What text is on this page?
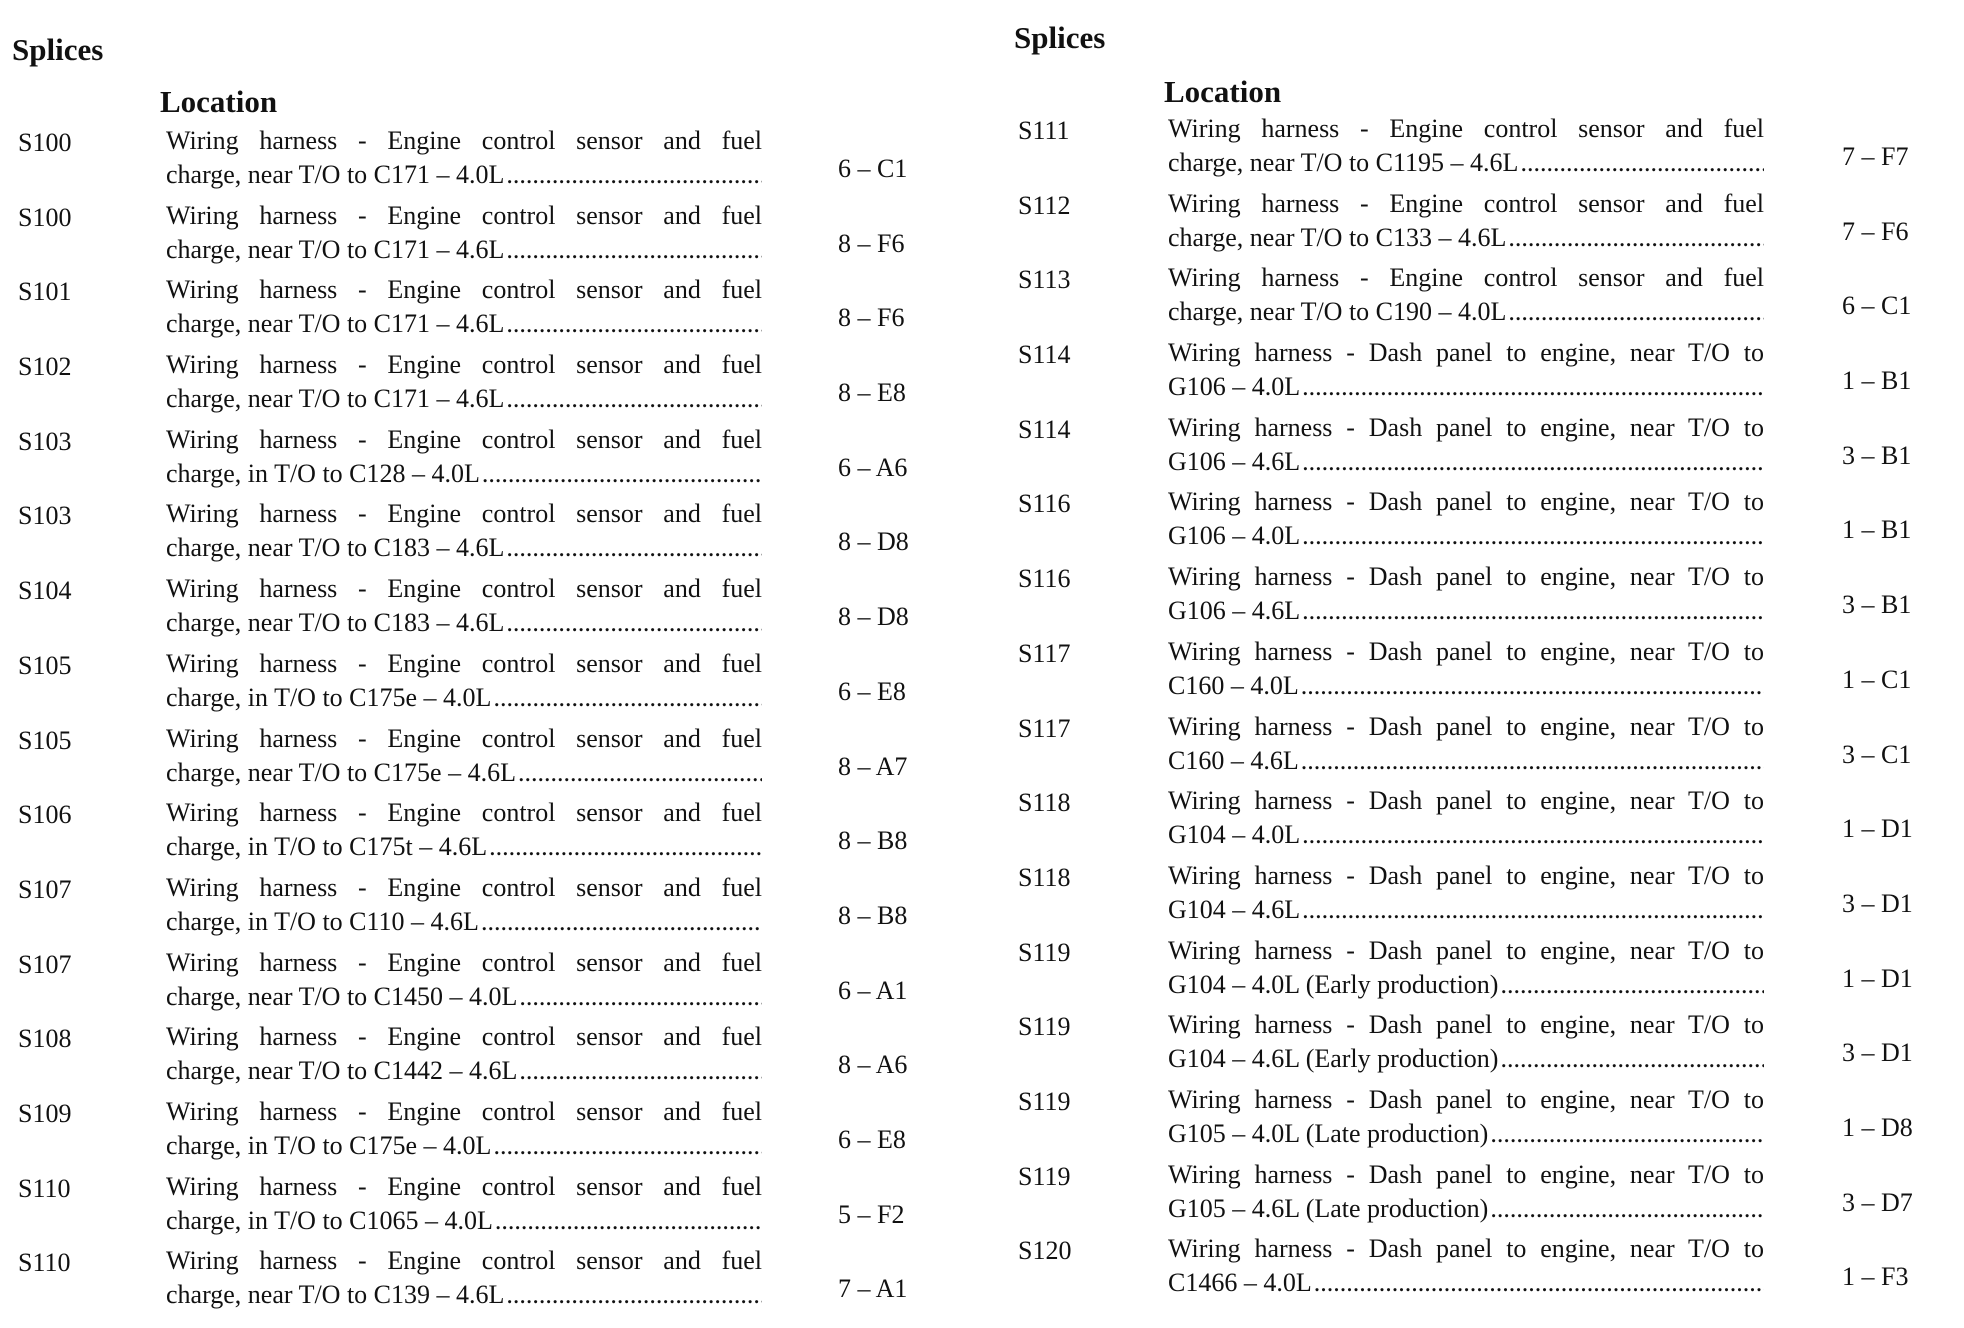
Splices
Location
S100	Wiring harness - Engine control sensor and fuel
charge, near T/O to C171 – 4.0L .....	6 – C1
S100	Wiring harness - Engine control sensor and fuel
charge, near T/O to C171 – 4.6L .....	8 – F6
S101	Wiring harness - Engine control sensor and fuel
charge, near T/O to C171 – 4.6L .....	8 – F6
S102	Wiring harness - Engine control sensor and fuel
charge, near T/O to C171 – 4.6L .....	8 – E8
S103	Wiring harness - Engine control sensor and fuel
charge, in T/O to C128 – 4.0L .....	6 – A6
S103	Wiring harness - Engine control sensor and fuel
charge, near T/O to C183 – 4.6L .....	8 – D8
S104	Wiring harness - Engine control sensor and fuel
charge, near T/O to C183 – 4.6L .....	8 – D8
S105	Wiring harness - Engine control sensor and fuel
charge, in T/O to C175e – 4.0L .....	6 – E8
S105	Wiring harness - Engine control sensor and fuel
charge, near T/O to C175e – 4.6L .....	8 – A7
S106	Wiring harness - Engine control sensor and fuel
charge, in T/O to C175t – 4.6L .....	8 – B8
S107	Wiring harness - Engine control sensor and fuel
charge, in T/O to C110 – 4.6L .....	8 – B8
S107	Wiring harness - Engine control sensor and fuel
charge, near T/O to C1450 – 4.0L .....	6 – A1
S108	Wiring harness - Engine control sensor and fuel
charge, near T/O to C1442 – 4.6L .....	8 – A6
S109	Wiring harness - Engine control sensor and fuel
charge, in T/O to C175e – 4.0L .....	6 – E8
S110	Wiring harness - Engine control sensor and fuel
charge, in T/O to C1065 – 4.0L .....	5 – F2
S110	Wiring harness - Engine control sensor and fuel
charge, near T/O to C139 – 4.6L .....	7 – A1
Splices
Location
S111	Wiring harness - Engine control sensor and fuel
charge, near T/O to C1195 – 4.6L .....	7 – F7
S112	Wiring harness - Engine control sensor and fuel
charge, near T/O to C133 – 4.6L .....	7 – F6
S113	Wiring harness - Engine control sensor and fuel
charge, near T/O to C190 – 4.0L .....	6 – C1
S114	Wiring harness - Dash panel to engine, near T/O to
G106 – 4.0L .....	1 – B1
S114	Wiring harness - Dash panel to engine, near T/O to
G106 – 4.6L .....	3 – B1
S116	Wiring harness - Dash panel to engine, near T/O to
G106 – 4.0L .....	1 – B1
S116	Wiring harness - Dash panel to engine, near T/O to
G106 – 4.6L .....	3 – B1
S117	Wiring harness - Dash panel to engine, near T/O to
C160 – 4.0L .....	1 – C1
S117	Wiring harness - Dash panel to engine, near T/O to
C160 – 4.6L .....	3 – C1
S118	Wiring harness - Dash panel to engine, near T/O to
G104 – 4.0L .....	1 – D1
S118	Wiring harness - Dash panel to engine, near T/O to
G104 – 4.6L .....	3 – D1
S119	Wiring harness - Dash panel to engine, near T/O to
G104 – 4.0L (Early production) .....	1 – D1
S119	Wiring harness - Dash panel to engine, near T/O to
G104 – 4.6L (Early production) .....	3 – D1
S119	Wiring harness - Dash panel to engine, near T/O to
G105 – 4.0L (Late production) .....	1 – D8
S119	Wiring harness - Dash panel to engine, near T/O to
G105 – 4.6L (Late production) .....	3 – D7
S120	Wiring harness - Dash panel to engine, near T/O to
C1466 – 4.0L .....	1 – F3
